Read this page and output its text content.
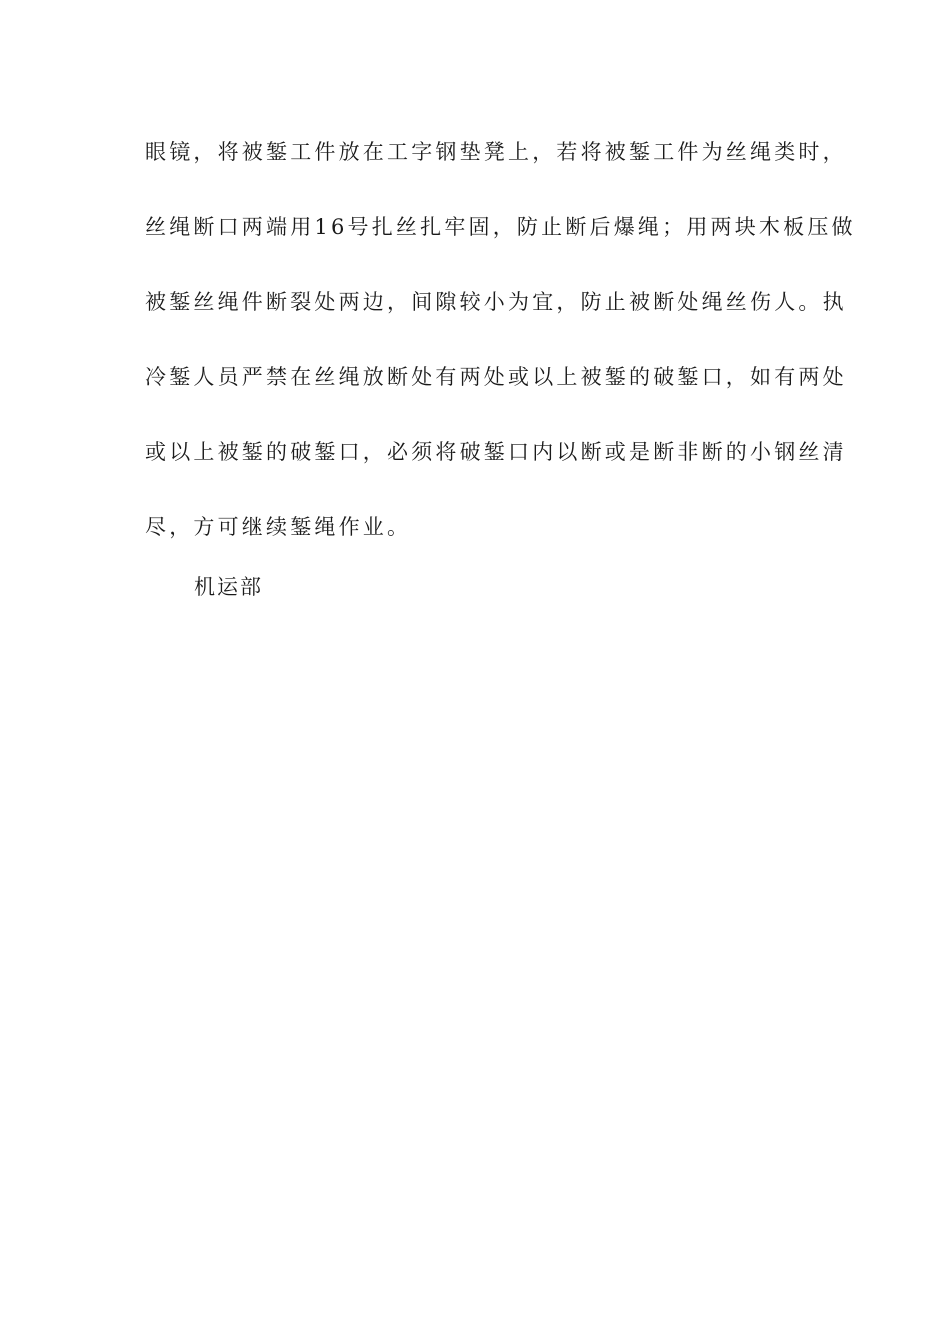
眼镜，将被錾工件放在工字钢垫凳上，若将被錾工件为丝绳类时，
丝绳断口两端用16号扎丝扎牢固，防止断后爆绳；用两块木板压做
被錾丝绳件断裂处两边，间隙较小为宜，防止被断处绳丝伤人。执
冷錾人员严禁在丝绳放断处有两处或以上被錾的破錾口，如有两处
或以上被錾的破錾口，必须将破錾口内以断或是断非断的小钢丝清
尽，方可继续錾绳作业。
机运部
